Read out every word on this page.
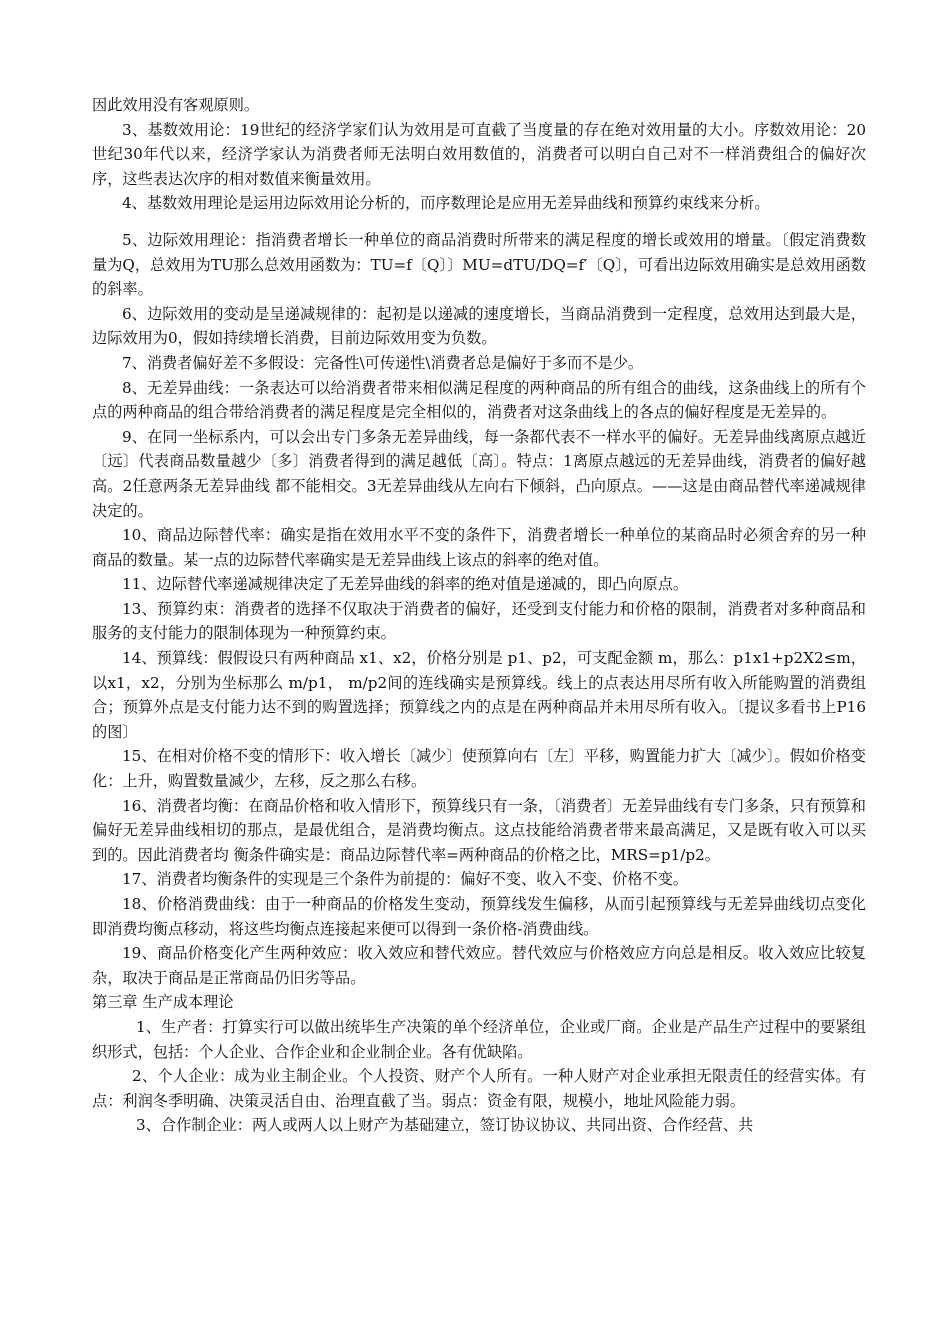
因此效用没有客观原则。

3、基数效用论：19世纪的经济学家们认为效用是可直截了当度量的存在绝对效用量的大小。序数效用论：20世纪30年代以来，经济学家认为消费者师无法明白效用数值的，消费者可以明白自己对不一样消费组合的偏好次序，这些表达次序的相对数值来衡量效用。

4、基数效用理论是运用边际效用论分析的，而序数理论是应用无差异曲线和预算约束线来分析。

5、边际效用理论：指消费者增长一种单位的商品消费时所带来的满足程度的增长或效用的增量。〔假定消费数量为Q，总效用为TU那么总效用函数为：TU=f〔Q〕〕MU=dTU/DQ=f′〔Q〕，可看出边际效用确实是总效用函数的斜率。

6、边际效用的变动是呈递减规律的：起初是以递减的速度增长，当商品消费到一定程度，总效用达到最大是，边际效用为0，假如持续增长消费，目前边际效用变为负数。

7、消费者偏好差不多假设：完备性\可传递性\消费者总是偏好于多而不是少。

8、无差异曲线：一条表达可以给消费者带来相似满足程度的两种商品的所有组合的曲线，这条曲线上的所有个点的两种商品的组合带给消费者的满足程度是完全相似的，消费者对这条曲线上的各点的偏好程度是无差异的。

9、在同一坐标系内，可以会出专门多条无差异曲线，每一条都代表不一样水平的偏好。无差异曲线离原点越近〔远〕代表商品数量越少〔多〕消费者得到的满足越低〔高〕。特点：1离原点越远的无差异曲线，消费者的偏好越高。2任意两条无差异曲线 都不能相交。3无差异曲线从左向右下倾斜，凸向原点。——这是由商品替代率递减规律决定的。

10、商品边际替代率：确实是指在效用水平不变的条件下，消费者增长一种单位的某商品时必须舍弃的另一种商品的数量。某一点的边际替代率确实是无差异曲线上该点的斜率的绝对值。

11、边际替代率递减规律决定了无差异曲线的斜率的绝对值是递减的，即凸向原点。

13、预算约束：消费者的选择不仅取决于消费者的偏好，还受到支付能力和价格的限制，消费者对多种商品和服务的支付能力的限制体现为一种预算约束。

14、预算线：假假设只有两种商品 x1、x2，价格分别是 p1、p2，可支配金额 m，那么：p1x1+p2X2≤m，以x1，x2，分别为坐标那么 m/p1， m/p2间的连线确实是预算线。线上的点表达用尽所有收入所能购置的消费组合；预算外点是支付能力达不到的购置选择；预算线之内的点是在两种商品并未用尽所有收入。〔提议多看书上P16的图〕

15、在相对价格不变的情形下：收入增长〔减少〕使预算向右〔左〕平移，购置能力扩大〔减少〕。假如价格变化：上升，购置数量减少，左移，反之那么右移。

16、消费者均衡：在商品价格和收入情形下，预算线只有一条，〔消费者〕无差异曲线有专门多条，只有预算和偏好无差异曲线相切的那点，是最优组合，是消费均衡点。这点技能给消费者带来最高满足，又是既有收入可以买到的。因此消费者均 衡条件确实是：商品边际替代率=两种商品的价格之比，MRS=p1/p2。

17、消费者均衡条件的实现是三个条件为前提的：偏好不变、收入不变、价格不变。

18、价格消费曲线：由于一种商品的价格发生变动，预算线发生偏移，从而引起预算线与无差异曲线切点变化即消费均衡点移动，将这些均衡点连接起来便可以得到一条价格-消费曲线。

19、商品价格变化产生两种效应：收入效应和替代效应。替代效应与价格效应方向总是相反。收入效应比较复杂，取决于商品是正常商品仍旧劣等品。

第三章 生产成本理论

1、生产者：打算实行可以做出统毕生产决策的单个经济单位，企业或厂商。企业是产品生产过程中的要紧组织形式，包括：个人企业、合作企业和企业制企业。各有优缺陷。

2、个人企业：成为业主制企业。个人投资、财产个人所有。一种人财产对企业承担无限责任的经营实体。有点：利润冬季明确、决策灵活自由、治理直截了当。弱点：资金有限，规模小，地址风险能力弱。

3、合作制企业：两人或两人以上财产为基础建立，签订协议协议、共同出资、合作经营、共
